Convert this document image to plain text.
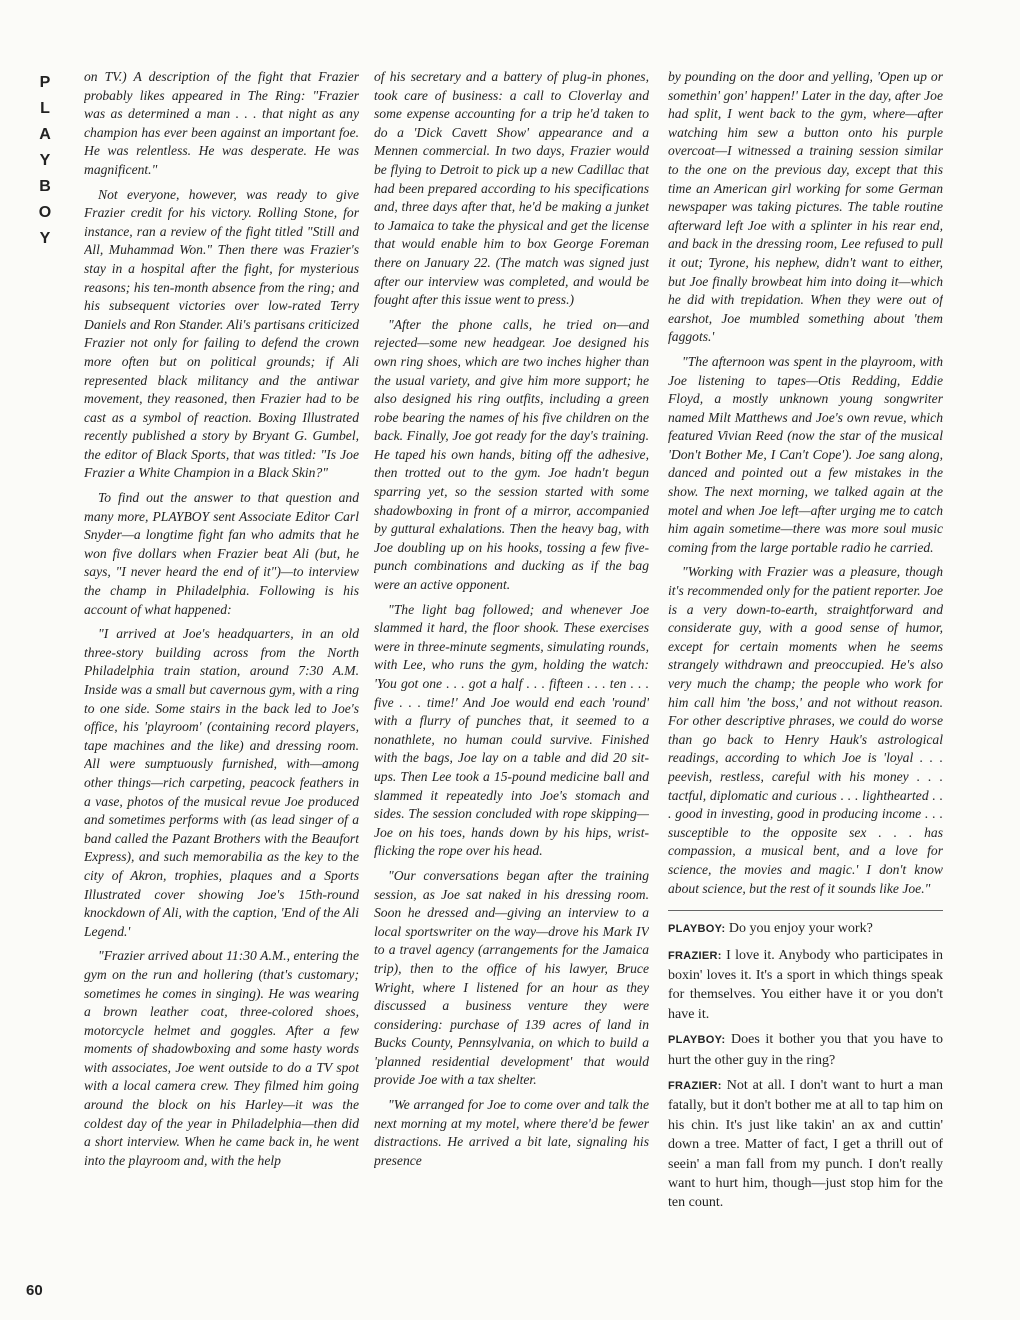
P
L
A
Y
B
O
Y

on TV.) A description of the fight that Frazier probably likes appeared in The Ring: "Frazier was as determined a man . . . that night as any champion has ever been against an important foe. He was relentless. He was desperate. He was magnificent."

Not everyone, however, was ready to give Frazier credit for his victory. Rolling Stone, for instance, ran a review of the fight titled "Still and All, Muhammad Won." Then there was Frazier's stay in a hospital after the fight, for mysterious reasons; his ten-month absence from the ring; and his subsequent victories over low-rated Terry Daniels and Ron Stander. Ali's partisans criticized Frazier not only for failing to defend the crown more often but on political grounds; if Ali represented black militancy and the antiwar movement, they reasoned, then Frazier had to be cast as a symbol of reaction. Boxing Illustrated recently published a story by Bryant G. Gumbel, the editor of Black Sports, that was titled: "Is Joe Frazier a White Champion in a Black Skin?"

To find out the answer to that question and many more, PLAYBOY sent Associate Editor Carl Snyder—a longtime fight fan who admits that he won five dollars when Frazier beat Ali (but, he says, "I never heard the end of it")—to interview the champ in Philadelphia. Following is his account of what happened:

"I arrived at Joe's headquarters, in an old three-story building across from the North Philadelphia train station, around 7:30 A.M. Inside was a small but cavernous gym, with a ring to one side. Some stairs in the back led to Joe's office, his 'playroom' (containing record players, tape machines and the like) and dressing room. All were sumptuously furnished, with—among other things—rich carpeting, peacock feathers in a vase, photos of the musical revue Joe produced and sometimes performs with (as lead singer of a band called the Pazant Brothers with the Beaufort Express), and such memorabilia as the key to the city of Akron, trophies, plaques and a Sports Illustrated cover showing Joe's 15th-round knockdown of Ali, with the caption, 'End of the Ali Legend.'

"Frazier arrived about 11:30 A.M., entering the gym on the run and hollering (that's customary; sometimes he comes in singing). He was wearing a brown leather coat, three-colored shoes, motorcycle helmet and goggles. After a few moments of shadowboxing and some hasty words with associates, Joe went outside to do a TV spot with a local camera crew. They filmed him going around the block on his Harley—it was the coldest day of the year in Philadelphia—then did a short interview. When he came back in, he went into the playroom and, with the help

of his secretary and a battery of plug-in phones, took care of business: a call to Cloverlay and some expense accounting for a trip he'd taken to do a 'Dick Cavett Show' appearance and a Mennen commercial. In two days, Frazier would be flying to Detroit to pick up a new Cadillac that had been prepared according to his specifications and, three days after that, he'd be making a junket to Jamaica to take the physical and get the license that would enable him to box George Foreman there on January 22. (The match was signed just after our interview was completed, and would be fought after this issue went to press.)

"After the phone calls, he tried on—and rejected—some new headgear. Joe designed his own ring shoes, which are two inches higher than the usual variety, and give him more support; he also designed his ring outfits, including a green robe bearing the names of his five children on the back. Finally, Joe got ready for the day's training. He taped his own hands, biting off the adhesive, then trotted out to the gym. Joe hadn't begun sparring yet, so the session started with some shadowboxing in front of a mirror, accompanied by guttural exhalations. Then the heavy bag, with Joe doubling up on his hooks, tossing a few five-punch combinations and ducking as if the bag were an active opponent.

"The light bag followed; and whenever Joe slammed it hard, the floor shook. These exercises were in three-minute segments, simulating rounds, with Lee, who runs the gym, holding the watch: 'You got one . . . got a half . . . fifteen . . . ten . . . five . . . time!' And Joe would end each 'round' with a flurry of punches that, it seemed to a nonathlete, no human could survive. Finished with the bags, Joe lay on a table and did 20 sit-ups. Then Lee took a 15-pound medicine ball and slammed it repeatedly into Joe's stomach and sides. The session concluded with rope skipping—Joe on his toes, hands down by his hips, wrist-flicking the rope over his head.

"Our conversations began after the training session, as Joe sat naked in his dressing room. Soon he dressed and—giving an interview to a local sportswriter on the way—drove his Mark IV to a travel agency (arrangements for the Jamaica trip), then to the office of his lawyer, Bruce Wright, where I listened for an hour as they discussed a business venture they were considering: purchase of 139 acres of land in Bucks County, Pennsylvania, on which to build a 'planned residential development' that would provide Joe with a tax shelter.

"We arranged for Joe to come over and talk the next morning at my motel, where there'd be fewer distractions. He arrived a bit late, signaling his presence

by pounding on the door and yelling, 'Open up or somethin' gon' happen!' Later in the day, after Joe had split, I went back to the gym, where—after watching him sew a button onto his purple overcoat—I witnessed a training session similar to the one on the previous day, except that this time an American girl working for some German newspaper was taking pictures. The table routine afterward left Joe with a splinter in his rear end, and back in the dressing room, Lee refused to pull it out; Tyrone, his nephew, didn't want to either, but Joe finally browbeat him into doing it—which he did with trepidation. When they were out of earshot, Joe mumbled something about 'them faggots.'

"The afternoon was spent in the playroom, with Joe listening to tapes—Otis Redding, Eddie Floyd, a mostly unknown young songwriter named Milt Matthews and Joe's own revue, which featured Vivian Reed (now the star of the musical 'Don't Bother Me, I Can't Cope'). Joe sang along, danced and pointed out a few mistakes in the show. The next morning, we talked again at the motel and when Joe left—after urging me to catch him again sometime—there was more soul music coming from the large portable radio he carried.

"Working with Frazier was a pleasure, though it's recommended only for the patient reporter. Joe is a very down-to-earth, straightforward and considerate guy, with a good sense of humor, except for certain moments when he seems strangely withdrawn and preoccupied. He's also very much the champ; the people who work for him call him 'the boss,' and not without reason. For other descriptive phrases, we could do worse than go back to Henry Hauk's astrological readings, according to which Joe is 'loyal . . . peevish, restless, careful with his money . . . tactful, diplomatic and curious . . . lighthearted . . . good in investing, good in producing income . . . susceptible to the opposite sex . . . has compassion, a musical bent, and a love for science, the movies and magic.' I don't know about science, but the rest of it sounds like Joe."

PLAYBOY: Do you enjoy your work?

FRAZIER: I love it. Anybody who participates in boxin' loves it. It's a sport in which things speak for themselves. You either have it or you don't have it.

PLAYBOY: Does it bother you that you have to hurt the other guy in the ring?

FRAZIER: Not at all. I don't want to hurt a man fatally, but it don't bother me at all to tap him on his chin. It's just like takin' an ax and cuttin' down a tree. Matter of fact, I get a thrill out of seein' a man fall from my punch. I don't really want to hurt him, though—just stop him for the ten count.

60
